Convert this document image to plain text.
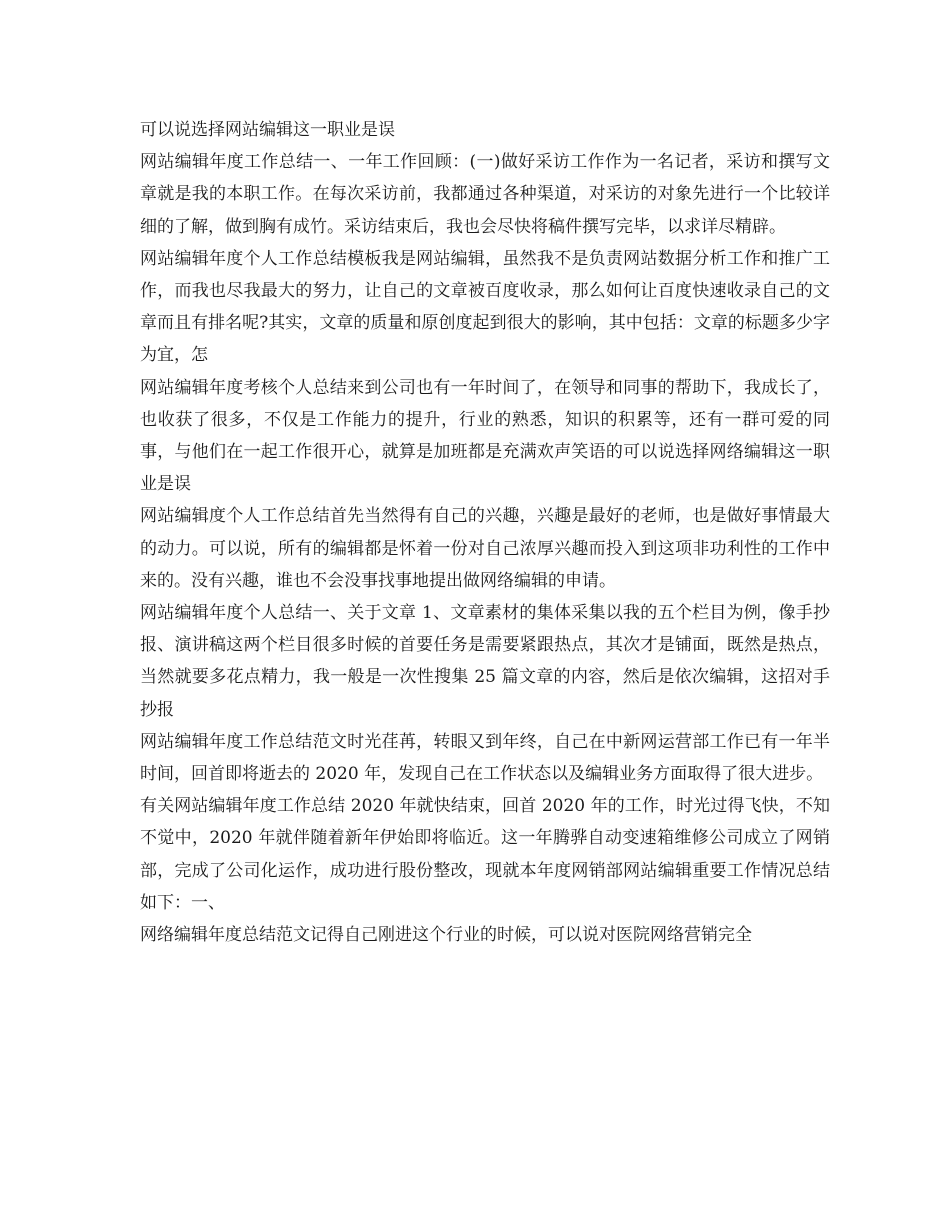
可以说选择网站编辑这一职业是误

网站编辑年度工作总结一、一年工作回顾：(一)做好采访工作作为一名记者，采访和撰写文章就是我的本职工作。在每次采访前，我都通过各种渠道，对采访的对象先进行一个比较详细的了解，做到胸有成竹。采访结束后，我也会尽快将稿件撰写完毕，以求详尽精辟。

网站编辑年度个人工作总结模板我是网站编辑，虽然我不是负责网站数据分析工作和推广工作，而我也尽我最大的努力，让自己的文章被百度收录，那么如何让百度快速收录自己的文章而且有排名呢?其实，文章的质量和原创度起到很大的影响，其中包括：文章的标题多少字为宜，怎

网站编辑年度考核个人总结来到公司也有一年时间了，在领导和同事的帮助下，我成长了，也收获了很多，不仅是工作能力的提升，行业的熟悉，知识的积累等，还有一群可爱的同事，与他们在一起工作很开心，就算是加班都是充满欢声笑语的可以说选择网络编辑这一职业是误

网站编辑度个人工作总结首先当然得有自己的兴趣，兴趣是最好的老师，也是做好事情最大的动力。可以说，所有的编辑都是怀着一份对自己浓厚兴趣而投入到这项非功利性的工作中来的。没有兴趣，谁也不会没事找事地提出做网络编辑的申请。

网站编辑年度个人总结一、关于文章 1、文章素材的集体采集以我的五个栏目为例，像手抄报、演讲稿这两个栏目很多时候的首要任务是需要紧跟热点，其次才是铺面，既然是热点，当然就要多花点精力，我一般是一次性搜集 25 篇文章的内容，然后是依次编辑，这招对手抄报

网站编辑年度工作总结范文时光荏苒，转眼又到年终，自己在中新网运营部工作已有一年半时间，回首即将逝去的 2020 年，发现自己在工作状态以及编辑业务方面取得了很大进步。

有关网站编辑年度工作总结 2020 年就快结束，回首 2020 年的工作，时光过得飞快，不知不觉中，2020 年就伴随着新年伊始即将临近。这一年腾骅自动变速箱维修公司成立了网销部，完成了公司化运作，成功进行股份整改，现就本年度网销部网站编辑重要工作情况总结如下：一、

网络编辑年度总结范文记得自己刚进这个行业的时候，可以说对医院网络营销完全
